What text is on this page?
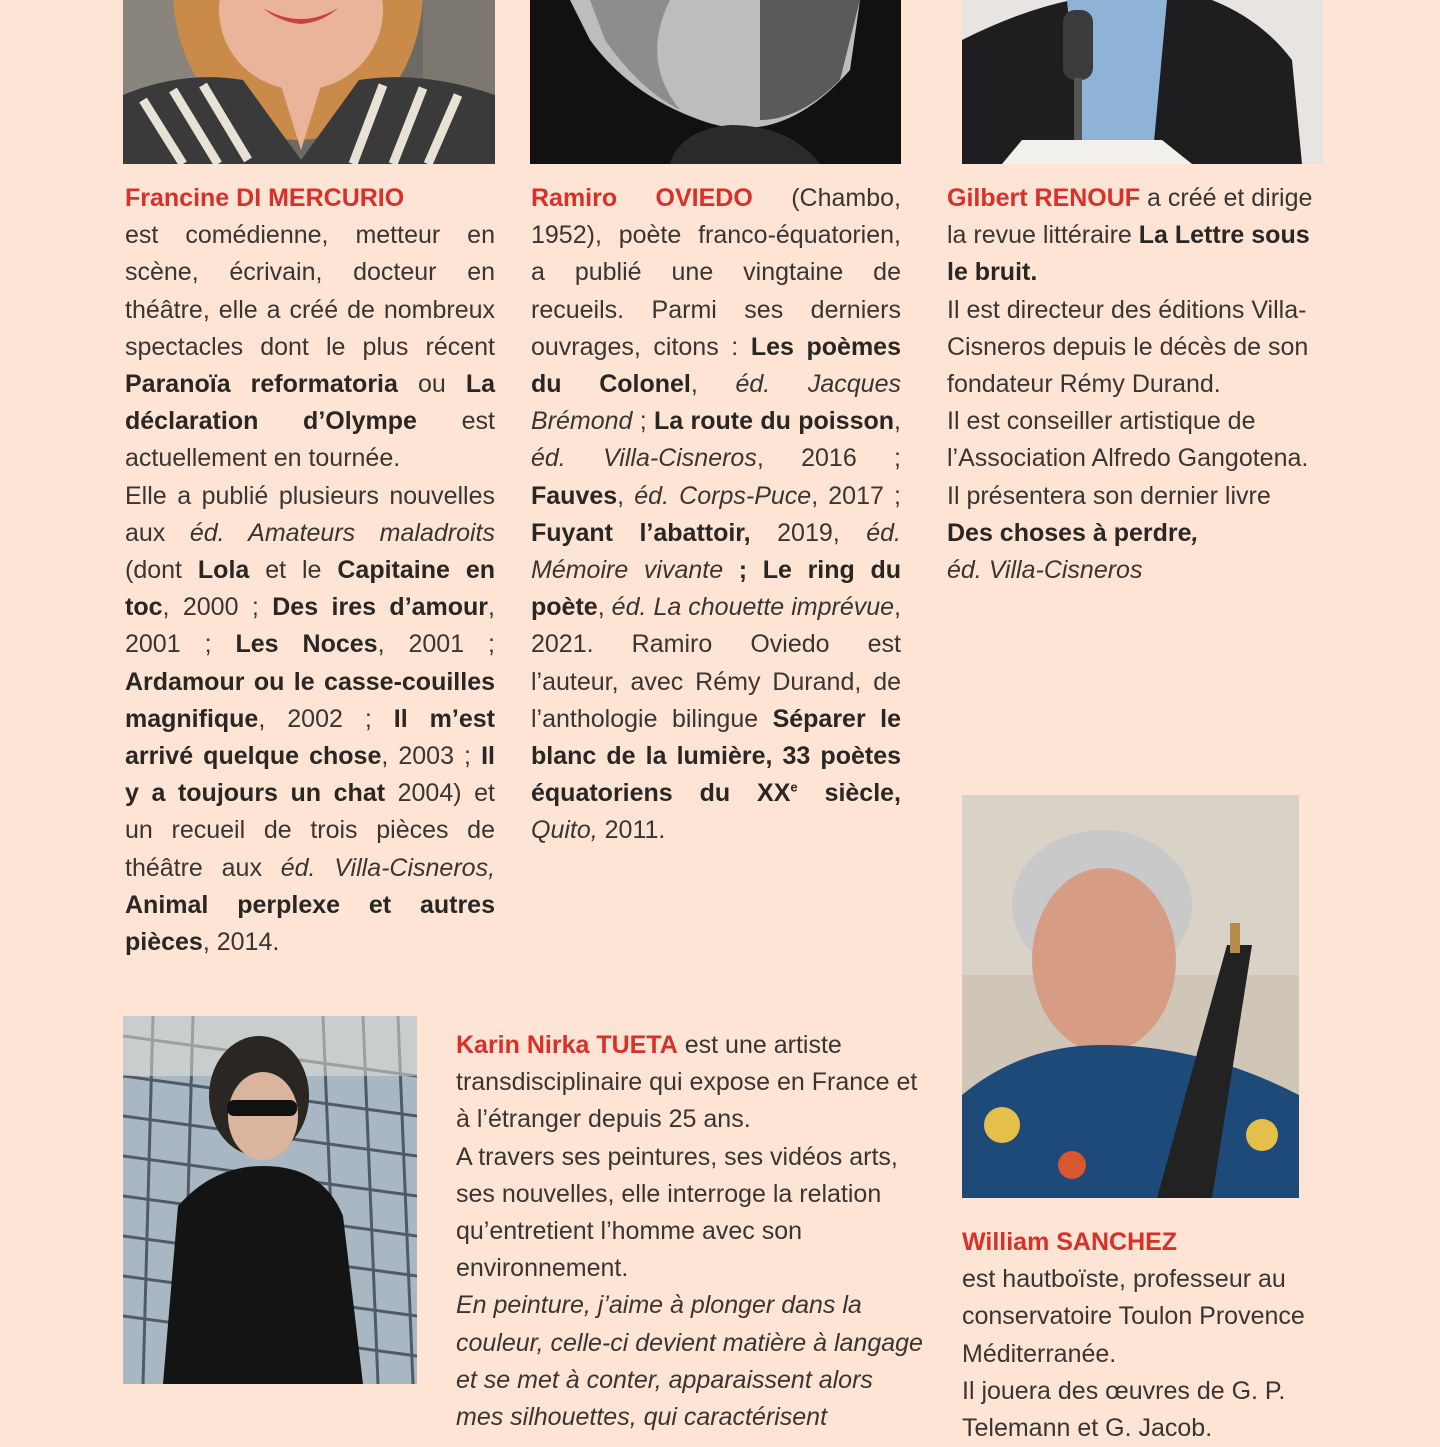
Francine DI MERCURIO
est comédienne, metteur en scène, écrivain, docteur en théâtre, elle a créé de nombreux spectacles dont le plus récent Paranoïa reformatoria ou La déclaration d’Olympe est actuellement en tournée.

Elle a publié plusieurs nouvelles aux éd. Amateurs maladroits (dont Lola et le Capitaine en toc, 2000 ; Des ires d’amour, 2001 ; Les Noces, 2001 ; Ardamour ou le casse-couilles magnifique, 2002 ; Il m’est arrivé quelque chose, 2003 ; Il y a toujours un chat 2004) et un recueil de trois pièces de théâtre aux éd. Villa-Cisneros, Animal perplexe et autres pièces, 2014.

Ramiro OVIEDO (Chambo, 1952), poète franco-équatorien, a publié une vingtaine de recueils. Parmi ses derniers ouvrages, citons : Les poèmes du Colonel, éd. Jacques Brémond ; La route du poisson, éd. Villa-Cisneros, 2016 ; Fauves, éd. Corps-Puce, 2017 ; Fuyant l’abattoir, 2019, éd. Mémoire vivante ; Le ring du poète, éd. La chouette imprévue, 2021. Ramiro Oviedo est l’auteur, avec Rémy Durand, de l’anthologie bilingue Séparer le blanc de la lumière, 33 poètes équatoriens du XXe siècle, Quito, 2011.

Gilbert RENOUF a créé et dirige la revue littéraire La Lettre sous le bruit.

Il est directeur des éditions Villa-Cisneros depuis le décès de son fondateur Rémy Durand.

Il est conseiller artistique de l’Association Alfredo Gangotena.

Il présentera son dernier livre
Des choses à perdre,
éd. Villa-Cisneros

Karin Nirka TUETA est une artiste transdisciplinaire qui expose en France et à l’étranger depuis 25 ans.

A travers ses peintures, ses vidéos arts, ses nouvelles, elle interroge la relation qu’entretient l’homme avec son environnement.

En peinture, j’aime à plonger dans la couleur, celle-ci devient matière à langage et se met à conter, apparaissent alors mes silhouettes, qui caractérisent

William SANCHEZ
est hautboïste, professeur au conservatoire Toulon Provence Méditerranée.

Il jouera des œuvres de G. P. Telemann et G. Jacob.
